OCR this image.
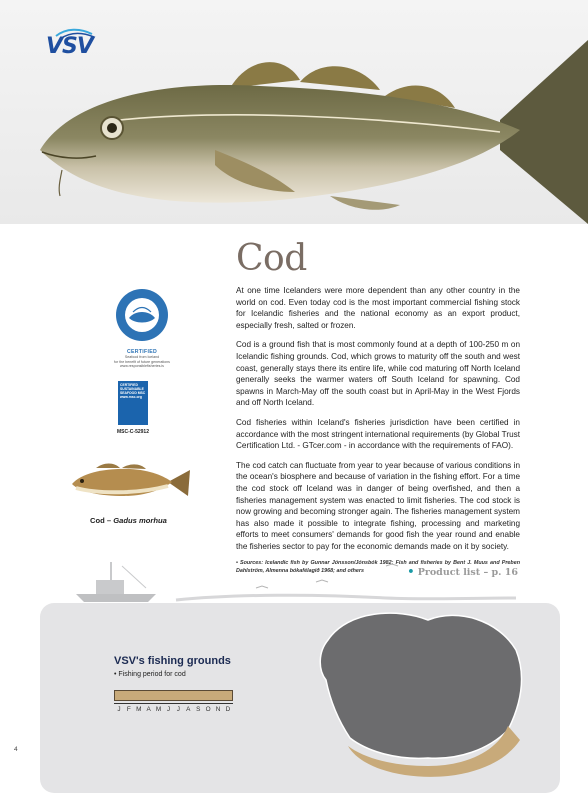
VSV
Cod

At one time Icelanders were more dependent than any other country in the world on cod. Even today cod is the most important commercial fishing stock for Icelandic fisheries and the national economy as an export product, especially fresh, salted or frozen.

Cod is a ground fish that is most commonly found at a depth of 100-250 m on Icelandic fishing grounds. Cod, which grows to maturity off the south and west coast, generally stays there its entire life, while cod maturing off North Iceland generally seeks the warmer waters off South Iceland for spawning. Cod spawns in March-May off the south coast but in April-May in the West Fjords and off North Iceland.

Cod fisheries within Iceland's fisheries jurisdiction have been certified in accordance with the most stringent international requirements (by Global Trust Certification Ltd. - GTcer.com - in accordance with the requirements of FAO).

The cod catch can fluctuate from year to year because of various conditions in the ocean's biosphere and because of variation in the fishing effort. For a time the cod stock off Iceland was in danger of being overfished, and then a fisheries management system was enacted to limit fisheries. The cod stock is now growing and becoming stronger again. The fisheries management system has also made it possible to integrate fishing, processing and marketing efforts to meet consumers' demands for good fish the year round and enable the fisheries sector to pay for the economic demands made on it by society.

• Sources: Icelandic fish by Gunnar Jónsson/Jónsbók 1982; Fish and fisheries by Bent J. Muus and Preben Dahlström, Almenna bókafélagið 1968; and others	• Product list – p. 16
CERTIFIED
Seafood from Iceland
for the benefit of future generations
www.responsiblefisheries.is
CERTIFIED SUSTAINABLE SEAFOOD MSC www.msc.org
MSC-C-52912
Cod – Gadus morhua
VSV's fishing grounds
• Fishing period for cod
J F M A M J	J A S O N D
4
